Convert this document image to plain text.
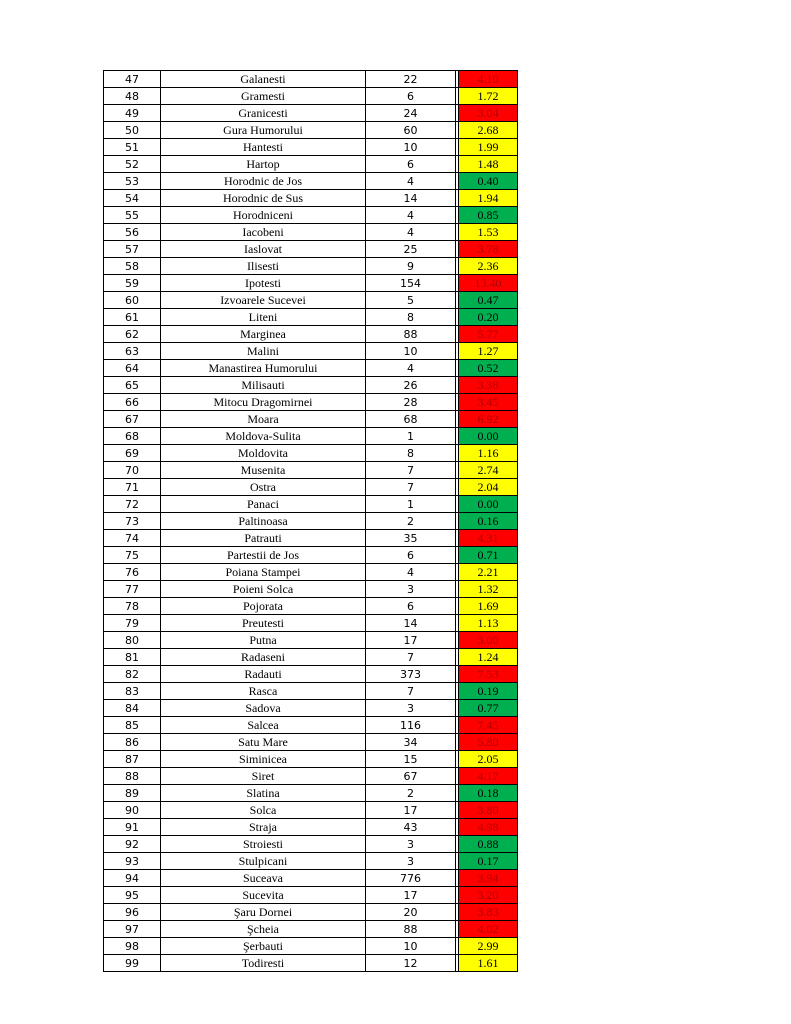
47	Galanesti	22		4.10
48	Gramesti	6		1.72
49	Granicesti	24		3.04
50	Gura Humorului	60		2.68
51	Hantesti	10		1.99
52	Hartop	6		1.48
53	Horodnic de Jos	4		0.40
54	Horodnic de Sus	14		1.94
55	Horodniceni	4		0.85
56	Iacobeni	4		1.53
57	Iaslovat	25		3.78
58	Ilisesti	9		2.36
59	Ipotesti	154		13.40
60	Izvoarele Sucevei	5		0.47
61	Liteni	8		0.20
62	Marginea	88		5.77
63	Malini	10		1.27
64	Manastirea Humorului	4		0.52
65	Milisauti	26		3.38
66	Mitocu Dragomirnei	28		3.45
67	Moara	68		6.92
68	Moldova-Sulita	1		0.00
69	Moldovita	8		1.16
70	Musenita	7		2.74
71	Ostra	7		2.04
72	Panaci	1		0.00
73	Paltinoasa	2		0.16
74	Patrauti	35		4.31
75	Partestii de Jos	6		0.71
76	Poiana Stampei	4		2.21
77	Poieni Solca	3		1.32
78	Pojorata	6		1.69
79	Preutesti	14		1.13
80	Putna	17		3.00
81	Radaseni	7		1.24
82	Radauti	373		7.53
83	Rasca	7		0.19
84	Sadova	3		0.77
85	Salcea	116		7.45
86	Satu Mare	34		5.80
87	Siminicea	15		2.05
88	Siret	67		4.17
89	Slatina	2		0.18
90	Solca	17		3.80
91	Straja	43		4.98
92	Stroiesti	3		0.88
93	Stulpicani	3		0.17
94	Suceava	776		3.94
95	Sucevita	17		3.20
96	Şaru Dornei	20		3.83
97	Şcheia	88		4.02
98	Şerbauti	10		2.99
99	Todiresti	12		1.61
